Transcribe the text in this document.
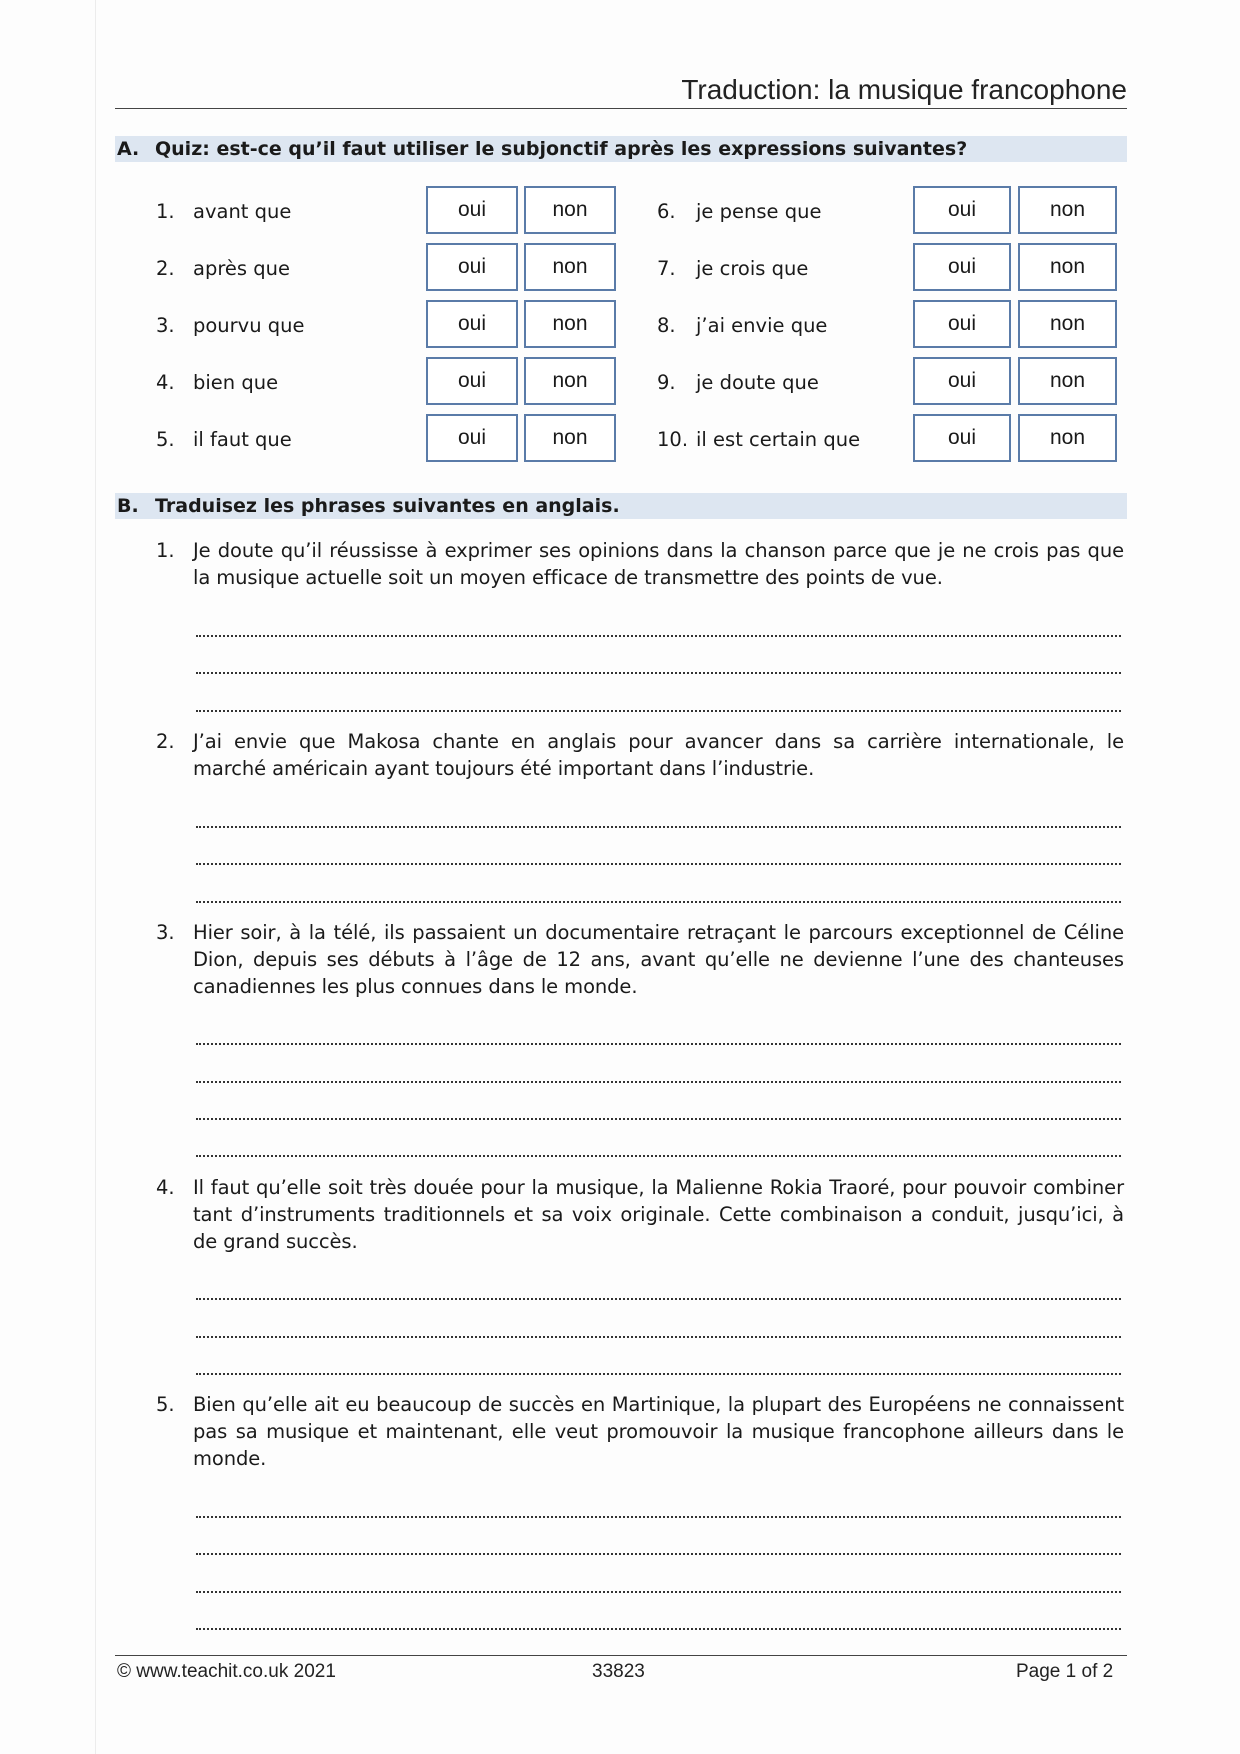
Traduction: la musique francophone
A. Quiz: est-ce qu’il faut utiliser le subjonctif après les expressions suivantes?
1. avant que	oui	non	6. je pense que	oui	non
2. après que	oui	non	7. je crois que	oui	non
3. pourvu que	oui	non	8. j’ai envie que	oui	non
4. bien que	oui	non	9. je doute que	oui	non
5. il faut que	oui	non	10. il est certain que	oui	non
B. Traduisez les phrases suivantes en anglais.
1. Je doute qu’il réussisse à exprimer ses opinions dans la chanson parce que je ne crois pas que la musique actuelle soit un moyen efficace de transmettre des points de vue.
2. J’ai envie que Makosa chante en anglais pour avancer dans sa carrière internationale, le marché américain ayant toujours été important dans l’industrie.
3. Hier soir, à la télé, ils passaient un documentaire retraçant le parcours exceptionnel de Céline Dion, depuis ses débuts à l’âge de 12 ans, avant qu’elle ne devienne l’une des chanteuses canadiennes les plus connues dans le monde.
4. Il faut qu’elle soit très douée pour la musique, la Malienne Rokia Traoré, pour pouvoir combiner tant d’instruments traditionnels et sa voix originale. Cette combinaison a conduit, jusqu’ici, à de grand succès.
5. Bien qu’elle ait eu beaucoup de succès en Martinique, la plupart des Européens ne connaissent pas sa musique et maintenant, elle veut promouvoir la musique francophone ailleurs dans le monde.
© www.teachit.co.uk 2021	33823	Page 1 of 2
